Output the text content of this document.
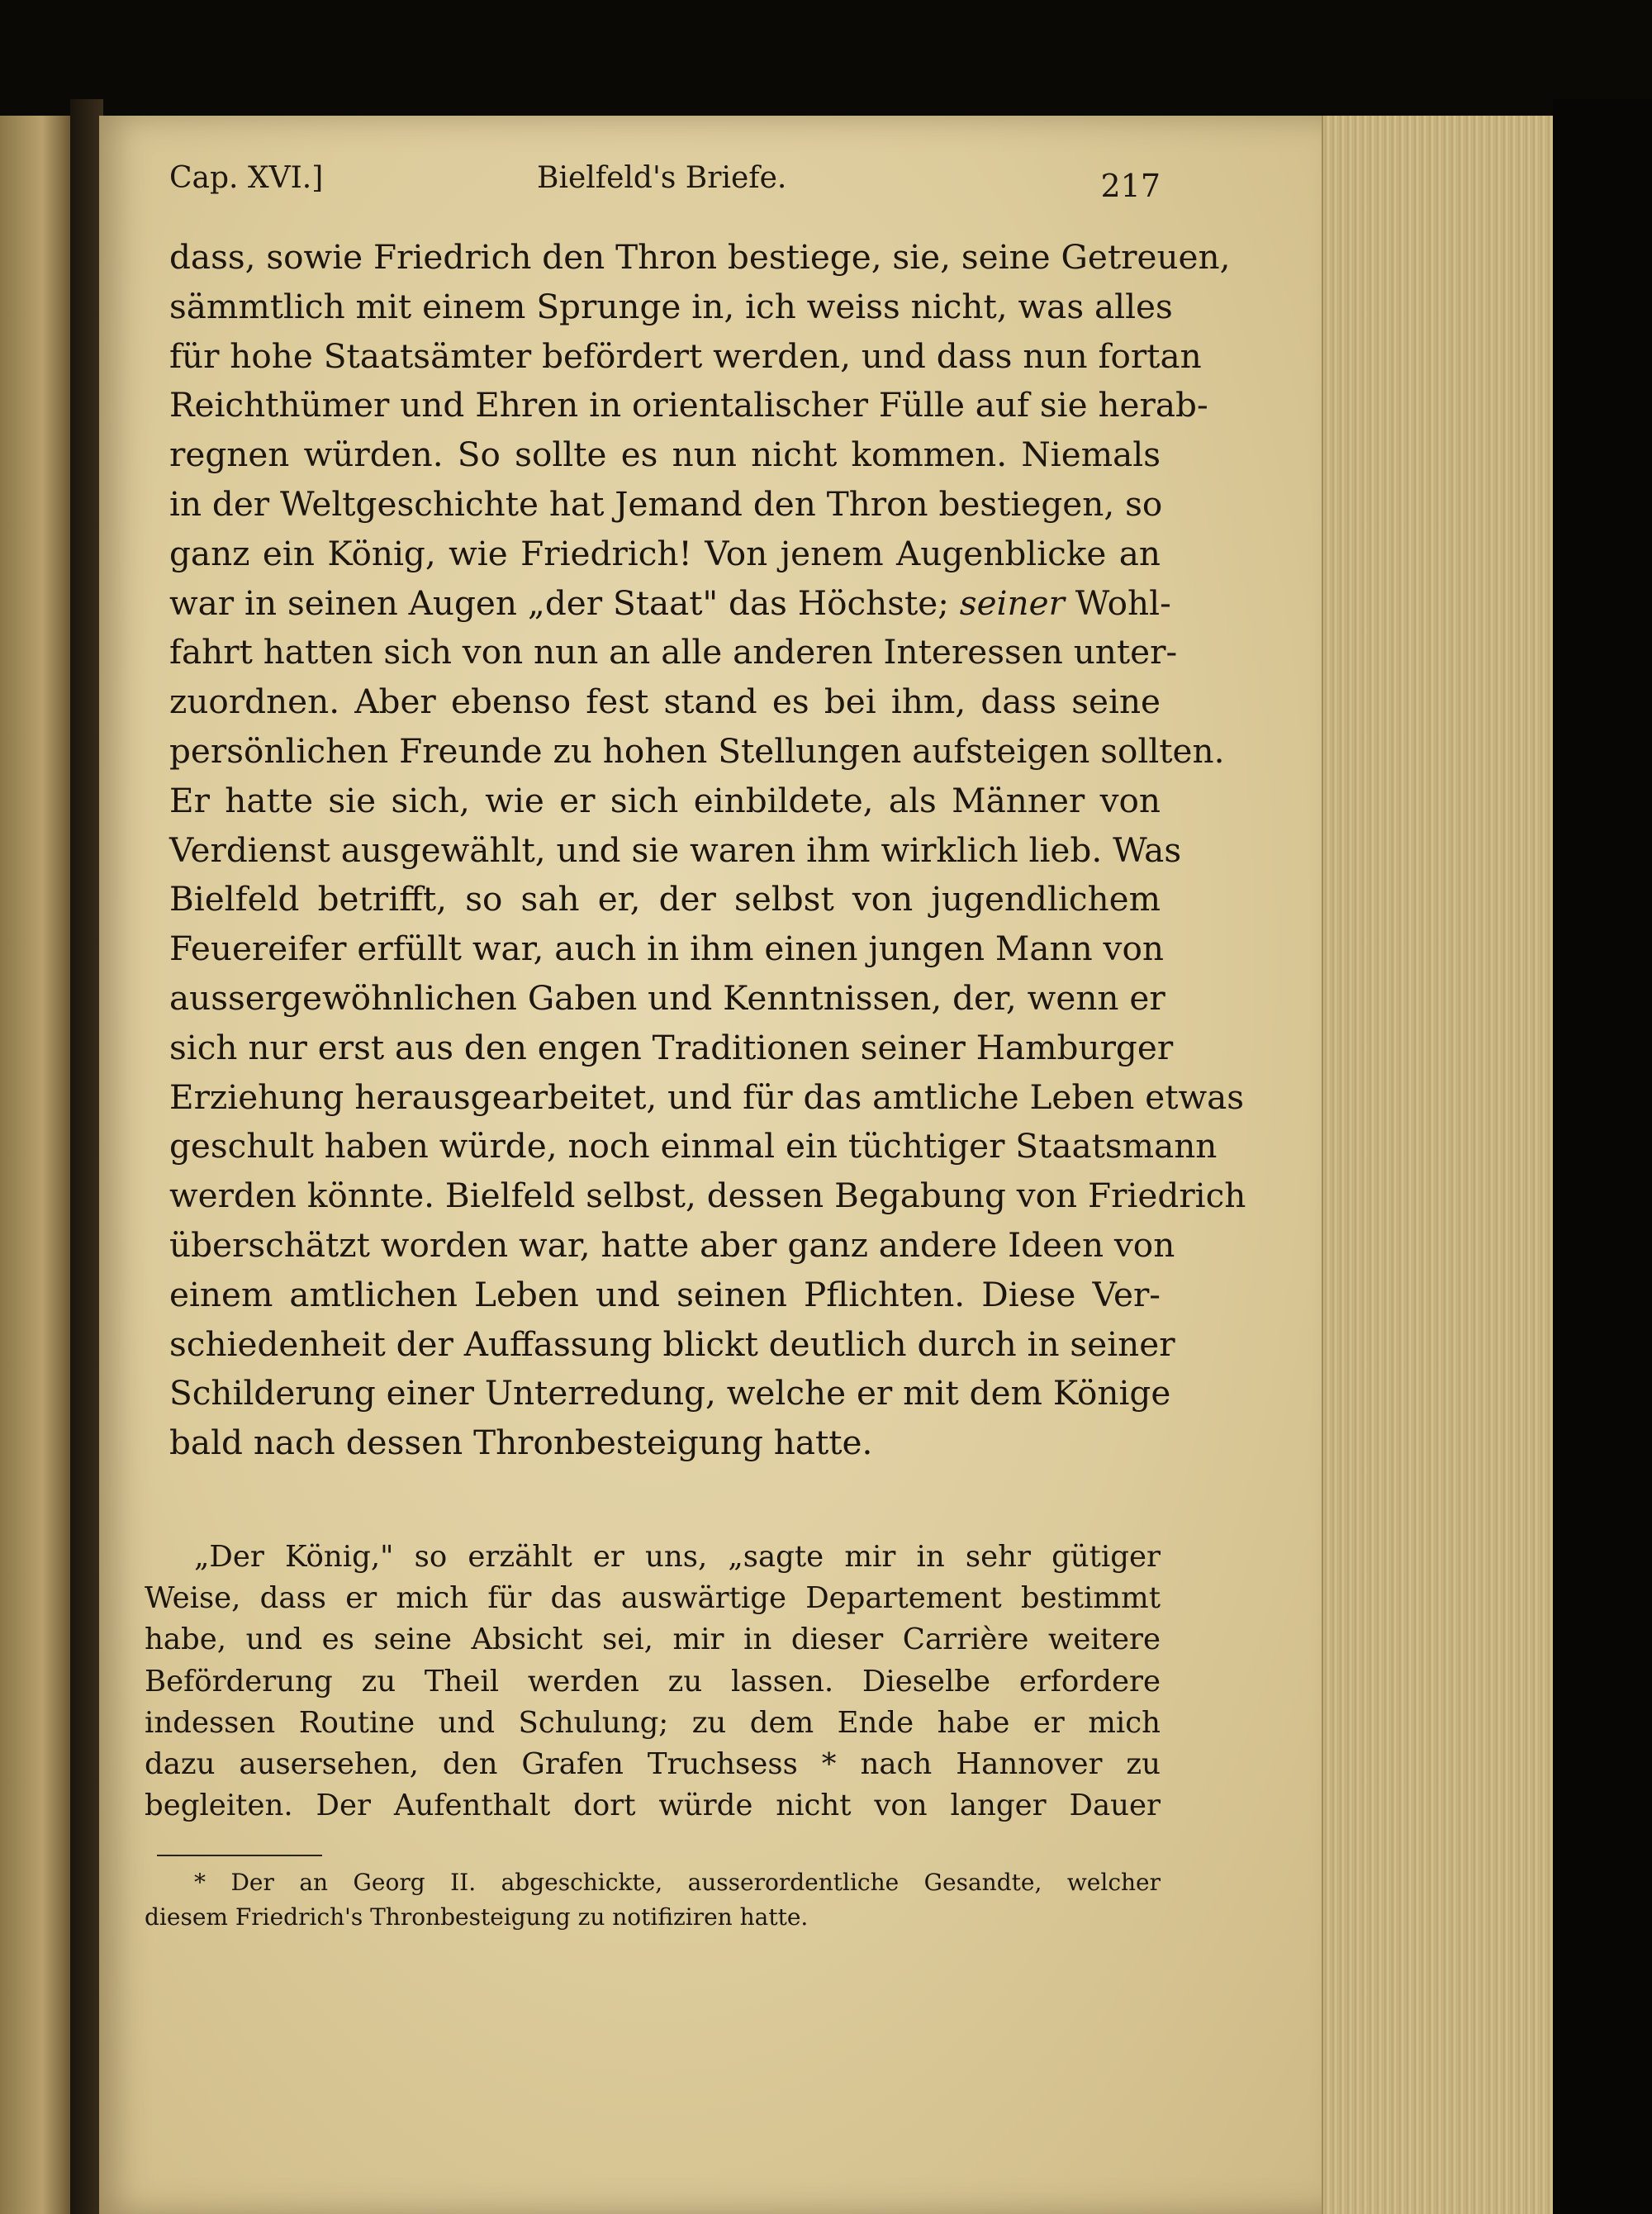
Cap. XVI.]	Bielfeld's Briefe.	217
dass, sowie Friedrich den Thron bestiege, sie, seine Getreuen,
sämmtlich mit einem Sprunge in, ich weiss nicht, was alles
für hohe Staatsämter befördert werden, und dass nun fortan
Reichthümer und Ehren in orientalischer Fülle auf sie herab-
regnen würden. So sollte es nun nicht kommen. Niemals
in der Weltgeschichte hat Jemand den Thron bestiegen, so
ganz ein König, wie Friedrich! Von jenem Augenblicke an
war in seinen Augen „der Staat" das Höchste; seiner Wohl-
fahrt hatten sich von nun an alle anderen Interessen unter-
zuordnen. Aber ebenso fest stand es bei ihm, dass seine
persönlichen Freunde zu hohen Stellungen aufsteigen sollten.
Er hatte sie sich, wie er sich einbildete, als Männer von
Verdienst ausgewählt, und sie waren ihm wirklich lieb. Was
Bielfeld betrifft, so sah er, der selbst von jugendlichem
Feuereifer erfüllt war, auch in ihm einen jungen Mann von
aussergewöhnlichen Gaben und Kenntnissen, der, wenn er
sich nur erst aus den engen Traditionen seiner Hamburger
Erziehung herausgearbeitet, und für das amtliche Leben etwas
geschult haben würde, noch einmal ein tüchtiger Staatsmann
werden könnte. Bielfeld selbst, dessen Begabung von Friedrich
überschätzt worden war, hatte aber ganz andere Ideen von
einem amtlichen Leben und seinen Pflichten. Diese Ver-
schiedenheit der Auffassung blickt deutlich durch in seiner
Schilderung einer Unterredung, welche er mit dem Könige
bald nach dessen Thronbesteigung hatte.
„Der König," so erzählt er uns, „sagte mir in sehr gütiger
Weise, dass er mich für das auswärtige Departement bestimmt
habe, und es seine Absicht sei, mir in dieser Carrière weitere
Beförderung zu Theil werden zu lassen. Dieselbe erfordere
indessen Routine und Schulung; zu dem Ende habe er mich
dazu ausersehen, den Grafen Truchsess * nach Hannover zu
begleiten. Der Aufenthalt dort würde nicht von langer Dauer
* Der an Georg II. abgeschickte, ausserordentliche Gesandte, welcher
diesem Friedrich's Thronbesteigung zu notifiziren hatte.
